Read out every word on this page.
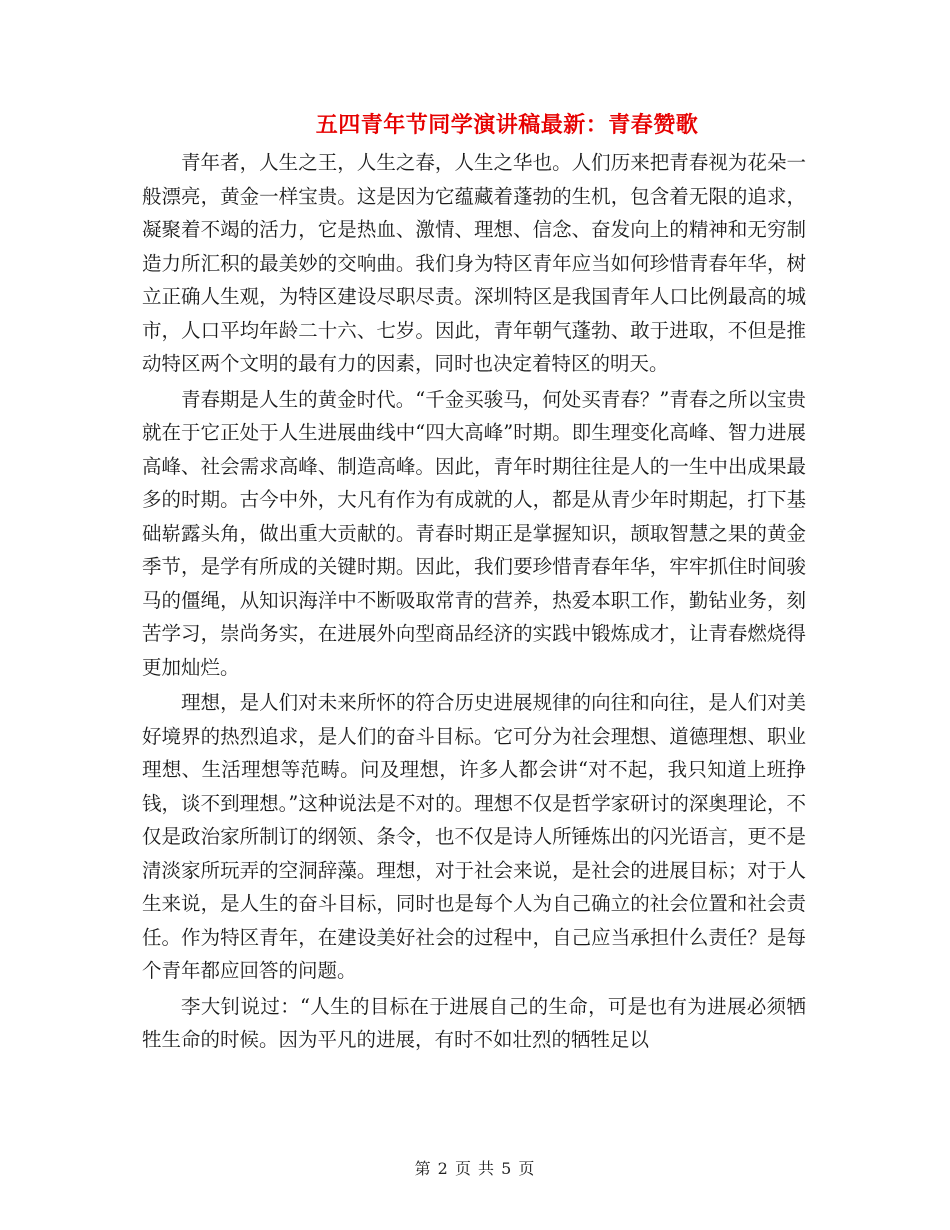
五四青年节同学演讲稿最新：青春赞歌

青年者，人生之王，人生之春，人生之华也。人们历来把青春视为花朵一般漂亮，黄金一样宝贵。这是因为它蕴藏着蓬勃的生机，包含着无限的追求，凝聚着不竭的活力，它是热血、激情、理想、信念、奋发向上的精神和无穷制造力所汇积的最美妙的交响曲。我们身为特区青年应当如何珍惜青春年华，树立正确人生观，为特区建设尽职尽责。深圳特区是我国青年人口比例最高的城市，人口平均年龄二十六、七岁。因此，青年朝气蓬勃、敢于进取，不但是推动特区两个文明的最有力的因素，同时也决定着特区的明天。

青春期是人生的黄金时代。“千金买骏马，何处买青春？”青春之所以宝贵就在于它正处于人生进展曲线中“四大高峰”时期。即生理变化高峰、智力进展高峰、社会需求高峰、制造高峰。因此，青年时期往往是人的一生中出成果最多的时期。古今中外，大凡有作为有成就的人，都是从青少年时期起，打下基础崭露头角，做出重大贡献的。青春时期正是掌握知识，颉取智慧之果的黄金季节，是学有所成的关键时期。因此，我们要珍惜青春年华，牢牢抓住时间骏马的僵绳，从知识海洋中不断吸取常青的营养，热爱本职工作，勤钻业务，刻苦学习，崇尚务实，在进展外向型商品经济的实践中锻炼成才，让青春燃烧得更加灿烂。

理想，是人们对未来所怀的符合历史进展规律的向往和向往，是人们对美好境界的热烈追求，是人们的奋斗目标。它可分为社会理想、道德理想、职业理想、生活理想等范畴。问及理想，许多人都会讲“对不起，我只知道上班挣钱，谈不到理想。”这种说法是不对的。理想不仅是哲学家研讨的深奥理论，不仅是政治家所制订的纲领、条令，也不仅是诗人所锤炼出的闪光语言，更不是清淡家所玩弄的空洞辞藻。理想，对于社会来说，是社会的进展目标；对于人生来说，是人生的奋斗目标，同时也是每个人为自己确立的社会位置和社会责任。作为特区青年，在建设美好社会的过程中，自己应当承担什么责任？是每个青年都应回答的问题。

李大钊说过：“人生的目标在于进展自己的生命，可是也有为进展必须牺牲生命的时候。因为平凡的进展，有时不如壮烈的牺牲足以

第 2 页 共 5 页
